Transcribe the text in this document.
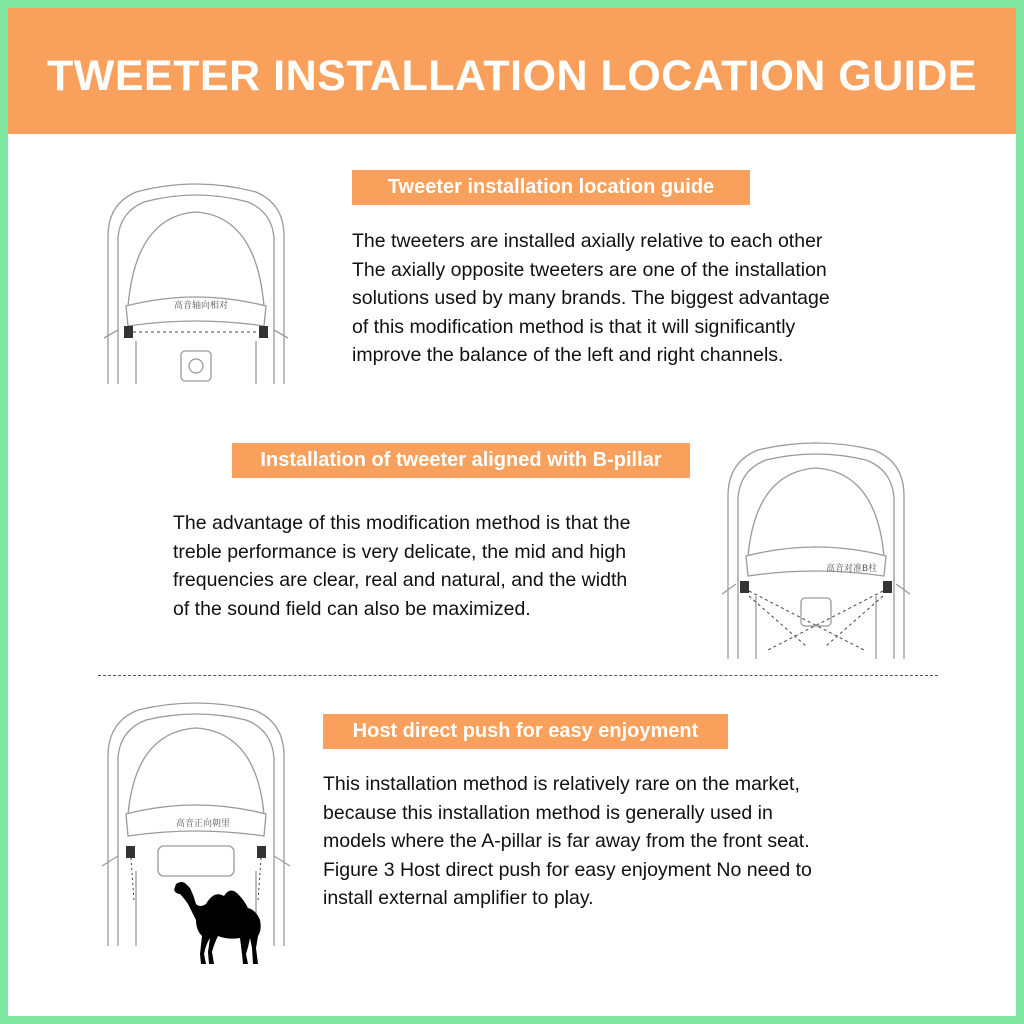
TWEETER INSTALLATION LOCATION GUIDE
高音轴向相对
Tweeter installation location guide

The tweeters are installed axially relative to each other

The axially opposite tweeters are one of the installation

solutions used by many brands. The biggest advantage

of this modification method is that it will significantly

improve the balance of the left and right channels.

Installation of tweeter aligned with B-pillar

The advantage of this modification method is that the

treble performance is very delicate, the mid and high

frequencies are clear, real and natural, and the width

of the sound field can also be maximized.

高音对准B柱
高音正向朝里
Host direct push for easy enjoyment

This installation method is relatively rare on the market,

because this installation method is generally used in

models where the A-pillar is far away from the front seat.

Figure 3 Host direct push for easy enjoyment No need to

install external amplifier to play.
